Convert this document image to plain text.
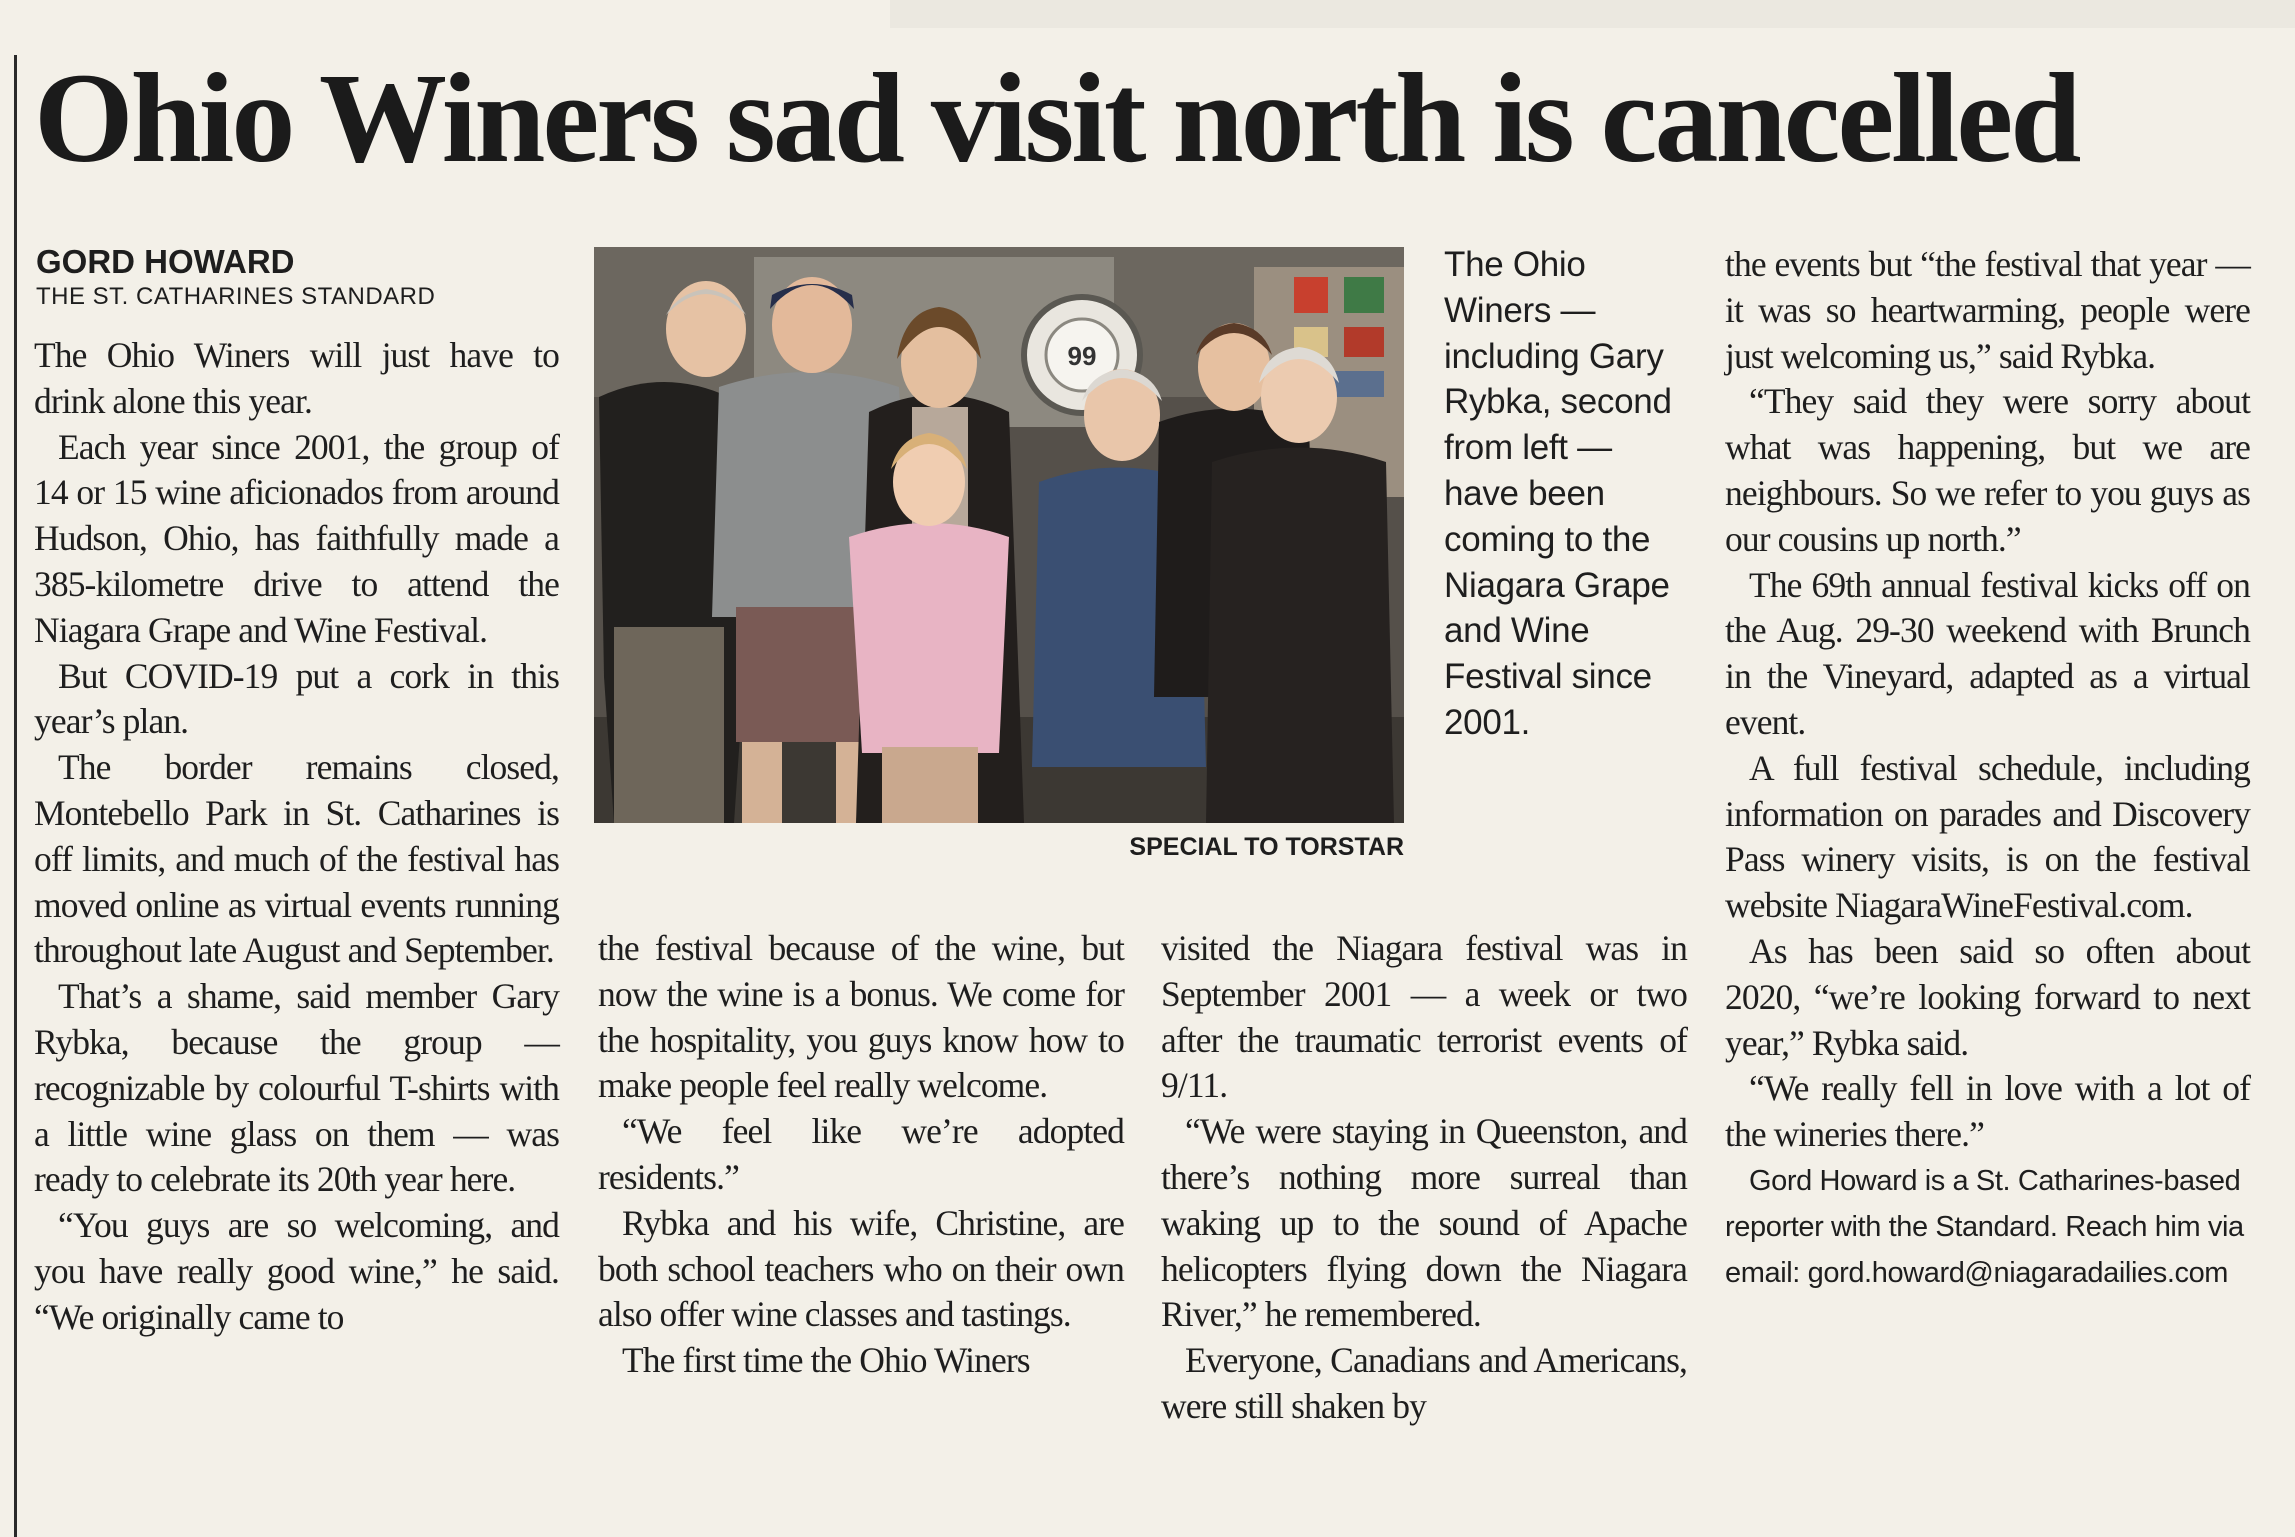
Ohio Winers sad visit north is cancelled
GORD HOWARD
THE ST. CATHARINES STANDARD

The Ohio Winers will just have to drink alone this year.

Each year since 2001, the group of 14 or 15 wine aficionados from around Hudson, Ohio, has faithfully made a 385-kilometre drive to attend the Niagara Grape and Wine Festival.

But COVID-19 put a cork in this year’s plan.

The border remains closed, Montebello Park in St. Catharines is off limits, and much of the festival has moved online as virtual events running throughout late August and September.

That’s a shame, said member Gary Rybka, because the group — recognizable by colourful T-shirts with a little wine glass on them — was ready to celebrate its 20th year here.

“You guys are so welcoming, and you have really good wine,” he said. “We originally came to

99
SPECIAL TO TORSTAR
The Ohio Winers — including Gary Rybka, second from left — have been coming to the Niagara Grape and Wine Festival since 2001.

the festival because of the wine, but now the wine is a bonus. We come for the hospitality, you guys know how to make people feel really welcome.

“We feel like we’re adopted residents.”

Rybka and his wife, Christine, are both school teachers who on their own also offer wine classes and tastings.

The first time the Ohio Winers

visited the Niagara festival was in September 2001 — a week or two after the traumatic terrorist events of 9/11.

“We were staying in Queenston, and there’s nothing more surreal than waking up to the sound of Apache helicopters flying down the Niagara River,” he remembered.

Everyone, Canadians and Americans, were still shaken by

the events but “the festival that year — it was so heartwarming, people were just welcoming us,” said Rybka.

“They said they were sorry about what was happening, but we are neighbours. So we refer to you guys as our cousins up north.”

The 69th annual festival kicks off on the Aug. 29-30 weekend with Brunch in the Vineyard, adapted as a virtual event.

A full festival schedule, including information on parades and Discovery Pass winery visits, is on the festival website NiagaraWineFestival.com.

As has been said so often about 2020, “we’re looking forward to next year,” Rybka said.

“We really fell in love with a lot of the wineries there.”

Gord Howard is a St. Catharines-based reporter with the Standard. Reach him via email: gord.howard@niagaradailies.com
